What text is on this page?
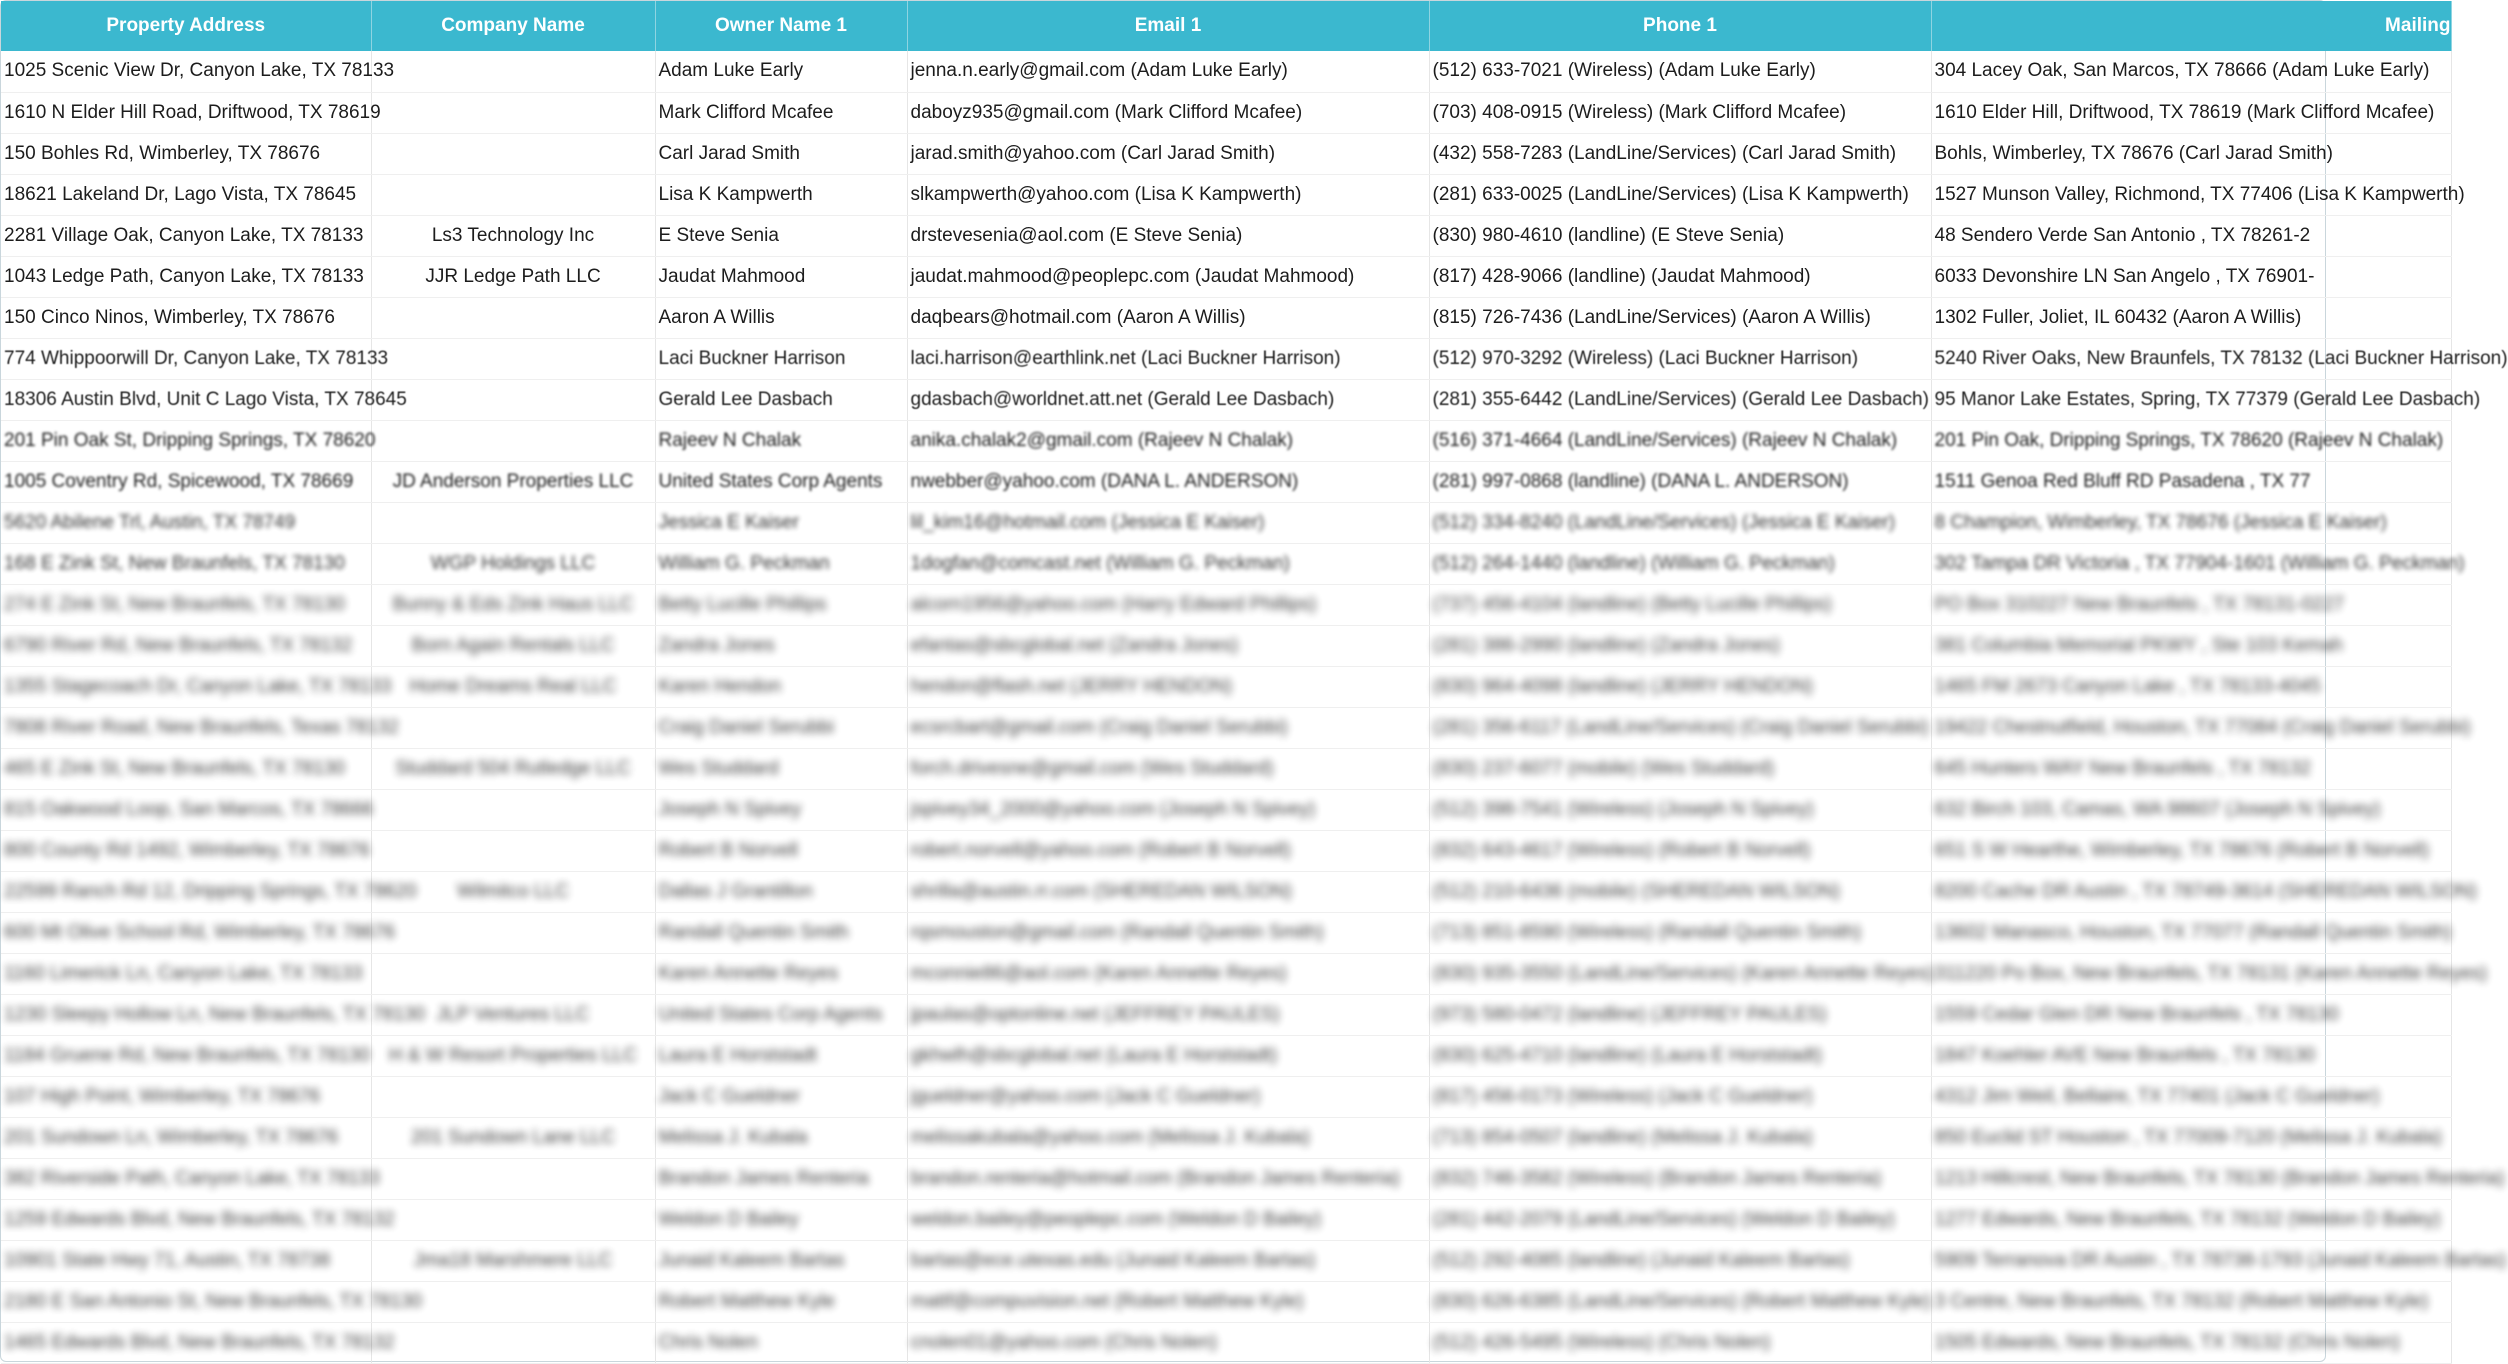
Property Address	Company Name	Owner Name 1	Email 1	Phone 1	Mailing
1025 Scenic View Dr, Canyon Lake, TX 78133		Adam Luke Early	jenna.n.early@gmail.com (Adam Luke Early)	(512) 633-7021 (Wireless) (Adam Luke Early)	304 Lacey Oak, San Marcos, TX 78666 (Adam Luke Early)
1610 N Elder Hill Road, Driftwood, TX 78619		Mark Clifford Mcafee	daboyz935@gmail.com (Mark Clifford Mcafee)	(703) 408-0915 (Wireless) (Mark Clifford Mcafee)	1610 Elder Hill, Driftwood, TX 78619 (Mark Clifford Mcafee)
150 Bohles Rd, Wimberley, TX 78676		Carl Jarad Smith	jarad.smith@yahoo.com (Carl Jarad Smith)	(432) 558-7283 (LandLine/Services) (Carl Jarad Smith)	Bohls, Wimberley, TX 78676 (Carl Jarad Smith)
18621 Lakeland Dr, Lago Vista, TX 78645		Lisa K Kampwerth	slkampwerth@yahoo.com (Lisa K Kampwerth)	(281) 633-0025 (LandLine/Services) (Lisa K Kampwerth)	1527 Munson Valley, Richmond, TX 77406 (Lisa K Kampwerth)
2281 Village Oak, Canyon Lake, TX 78133	Ls3 Technology Inc	E Steve Senia	drstevesenia@aol.com (E Steve Senia)	(830) 980-4610 (landline) (E Steve Senia)	48 Sendero Verde San Antonio , TX 78261-2
1043 Ledge Path, Canyon Lake, TX 78133	JJR Ledge Path LLC	Jaudat Mahmood	jaudat.mahmood@peoplepc.com (Jaudat Mahmood)	(817) 428-9066 (landline) (Jaudat Mahmood)	6033 Devonshire LN San Angelo , TX 76901-
150 Cinco Ninos, Wimberley, TX 78676		Aaron A Willis	daqbears@hotmail.com (Aaron A Willis)	(815) 726-7436 (LandLine/Services) (Aaron A Willis)	1302 Fuller, Joliet, IL 60432 (Aaron A Willis)
774 Whippoorwill Dr, Canyon Lake, TX 78133		Laci Buckner Harrison	laci.harrison@earthlink.net (Laci Buckner Harrison)	(512) 970-3292 (Wireless) (Laci Buckner Harrison)	5240 River Oaks, New Braunfels, TX 78132 (Laci Buckner Harrison)
18306 Austin Blvd, Unit C Lago Vista, TX 78645		Gerald Lee Dasbach	gdasbach@worldnet.att.net (Gerald Lee Dasbach)	(281) 355-6442 (LandLine/Services) (Gerald Lee Dasbach)	95 Manor Lake Estates, Spring, TX 77379 (Gerald Lee Dasbach)
201 Pin Oak St, Dripping Springs, TX 78620		Rajeev N Chalak	anika.chalak2@gmail.com (Rajeev N Chalak)	(516) 371-4664 (LandLine/Services) (Rajeev N Chalak)	201 Pin Oak, Dripping Springs, TX 78620 (Rajeev N Chalak)
1005 Coventry Rd, Spicewood, TX 78669	JD Anderson Properties LLC	United States Corp Agents	nwebber@yahoo.com (DANA L. ANDERSON)	(281) 997-0868 (landline) (DANA L. ANDERSON)	1511 Genoa Red Bluff RD Pasadena , TX 77
5620 Abilene Trl, Austin, TX 78749		Jessica E Kaiser	lil_kim16@hotmail.com (Jessica E Kaiser)	(512) 334-8240 (LandLine/Services) (Jessica E Kaiser)	8 Champion, Wimberley, TX 78676 (Jessica E Kaiser)
168 E Zink St, New Braunfels, TX 78130	WGP Holdings LLC	William G. Peckman	1dogfan@comcast.net (William G. Peckman)	(512) 264-1440 (landline) (William G. Peckman)	302 Tampa DR Victoria , TX 77904-1601 (William G. Peckman)
274 E Zink St, New Braunfels, TX 78130	Bunny & Eds Zink Haus LLC	Betty Lucille Phillips	alcorn1956@yahoo.com (Harry Edward Phillips)	(737) 456-4104 (landline) (Betty Lucille Phillips)	PO Box 310227 New Braunfels , TX 78131-0227
6790 River Rd, New Braunfels, TX 78132	Born Again Rentals LLC	Zandra Jones	efantas@sbcglobal.net (Zandra Jones)	(281) 386-2990 (landline) (Zandra Jones)	381 Columbia Memorial PKWY , Ste 103 Kemah
1355 Stagecoach Dr, Canyon Lake, TX 78133	Home Dreams Real LLC	Karen Hendon	hendon@flash.net (JERRY HENDON)	(830) 964-4098 (landline) (JERRY HENDON)	1465 FM 2673 Canyon Lake , TX 78133-4045
7808 River Road, New Braunfels, Texas 78132		Craig Daniel Serubbi	ecsrcbart@gmail.com (Craig Daniel Serubbi)	(281) 356-6117 (LandLine/Services) (Craig Daniel Serubbi)	19422 Chestnutfield, Houston, TX 77084 (Craig Daniel Serubbi)
465 E Zink St, New Braunfels, TX 78130	Studdard 504 Rutledge LLC	Wes Studdard	forch.drivesne@gmail.com (Wes Studdard)	(830) 237-6077 (mobile) (Wes Studdard)	645 Hunters WAY New Braunfels , TX 78132
815 Oakwood Loop, San Marcos, TX 78666		Joseph N Spivey	jspivey34_2000@yahoo.com (Joseph N Spivey)	(512) 398-7541 (Wireless) (Joseph N Spivey)	632 Birch 103, Camas, WA 98607 (Joseph N Spivey)
800 County Rd 1492, Wimberley, TX 78676		Robert B Norvell	robert.norvell@yahoo.com (Robert B Norvell)	(832) 643-4617 (Wireless) (Robert B Norvell)	651 S W Hearthe, Wimberley, TX 78676 (Robert B Norvell)
22599 Ranch Rd 12, Dripping Springs, TX 78620	Wilmitco LLC	Dallas J Grantillon	shrilla@austin.rr.com (SHEREDAN WILSON)	(512) 210-6436 (mobile) (SHEREDAN WILSON)	8200 Cache DR Austin , TX 78749-3614 (SHEREDAN WILSON)
600 Mt Olive School Rd, Wimberley, TX 78676		Randall Quentin Smith	rqsmouston@gmail.com (Randall Quentin Smith)	(713) 851-8590 (Wireless) (Randall Quentin Smith)	13602 Manasco, Houston, TX 77077 (Randall Quentin Smith)
1160 Limerick Ln, Canyon Lake, TX 78133		Karen Annette Reyes	mconnie86@aol.com (Karen Annette Reyes)	(830) 935-3550 (LandLine/Services) (Karen Annette Reyes)	311220 Po Box, New Braunfels, TX 78131 (Karen Annette Reyes)
1230 Sleepy Hollow Ln, New Braunfels, TX 78130	JLP Ventures LLC	United States Corp Agents	jpaulas@optonline.net (JEFFREY PAULES)	(973) 580-0472 (landline) (JEFFREY PAULES)	1559 Cedar Glen DR New Braunfels , TX 78130
1184 Gruene Rd, New Braunfels, TX 78130	H & W Resort Properties LLC	Laura E Horststadt	gkhwlh@sbcglobal.net (Laura E Horststadt)	(830) 625-4710 (landline) (Laura E Horststadt)	1847 Koehler AVE New Braunfels , TX 78130
107 High Point, Wimberley, TX 78676		Jack C Gueldner	jgueldner@yahoo.com (Jack C Gueldner)	(817) 456-0173 (Wireless) (Jack C Gueldner)	4312 Jim Weil, Bellaire, TX 77401 (Jack C Gueldner)
201 Sundown Ln, Wimberley, TX 78676	201 Sundown Lane LLC	Melissa J. Kubala	melissakubala@yahoo.com (Melissa J. Kubala)	(713) 854-0507 (landline) (Melissa J. Kubala)	850 Euclid ST Houston , TX 77009-7120 (Melissa J. Kubala)
382 Riverside Path, Canyon Lake, TX 78133		Brandon James Renteria	brandon.renteria@hotmail.com (Brandon James Renteria)	(832) 746-3582 (Wireless) (Brandon James Renteria)	1213 Hillcrest, New Braunfels, TX 78130 (Brandon James Renteria)
1259 Edwards Blvd, New Braunfels, TX 78132		Weldon D Bailey	weldon.bailey@peoplepc.com (Weldon D Bailey)	(281) 442-2079 (LandLine/Services) (Weldon D Bailey)	1277 Edwards, New Braunfels, TX 78132 (Weldon D Bailey)
10901 State Hwy 71, Austin, TX 78738	Jma18 Marshmere LLC	Junaid Kaleem Bartas	bartas@ece.utexas.edu (Junaid Kaleem Bartas)	(512) 292-4085 (landline) (Junaid Kaleem Bartas)	5909 Terranova DR Austin , TX 78738-1793 (Junaid Kaleem Bartas)
2180 E San Antonio St, New Braunfels, TX 78130		Robert Matthew Kyle	mattf@compuvision.net (Robert Matthew Kyle)	(830) 626-6385 (LandLine/Services) (Robert Matthew Kyle)	3 Centre, New Braunfels, TX 78132 (Robert Matthew Kyle)
1465 Edwards Blvd, New Braunfels, TX 78132		Chris Nolen	cnolen01@yahoo.com (Chris Nolen)	(512) 426-5495 (Wireless) (Chris Nolen)	1505 Edwards, New Braunfels, TX 78132 (Chris Nolen)
